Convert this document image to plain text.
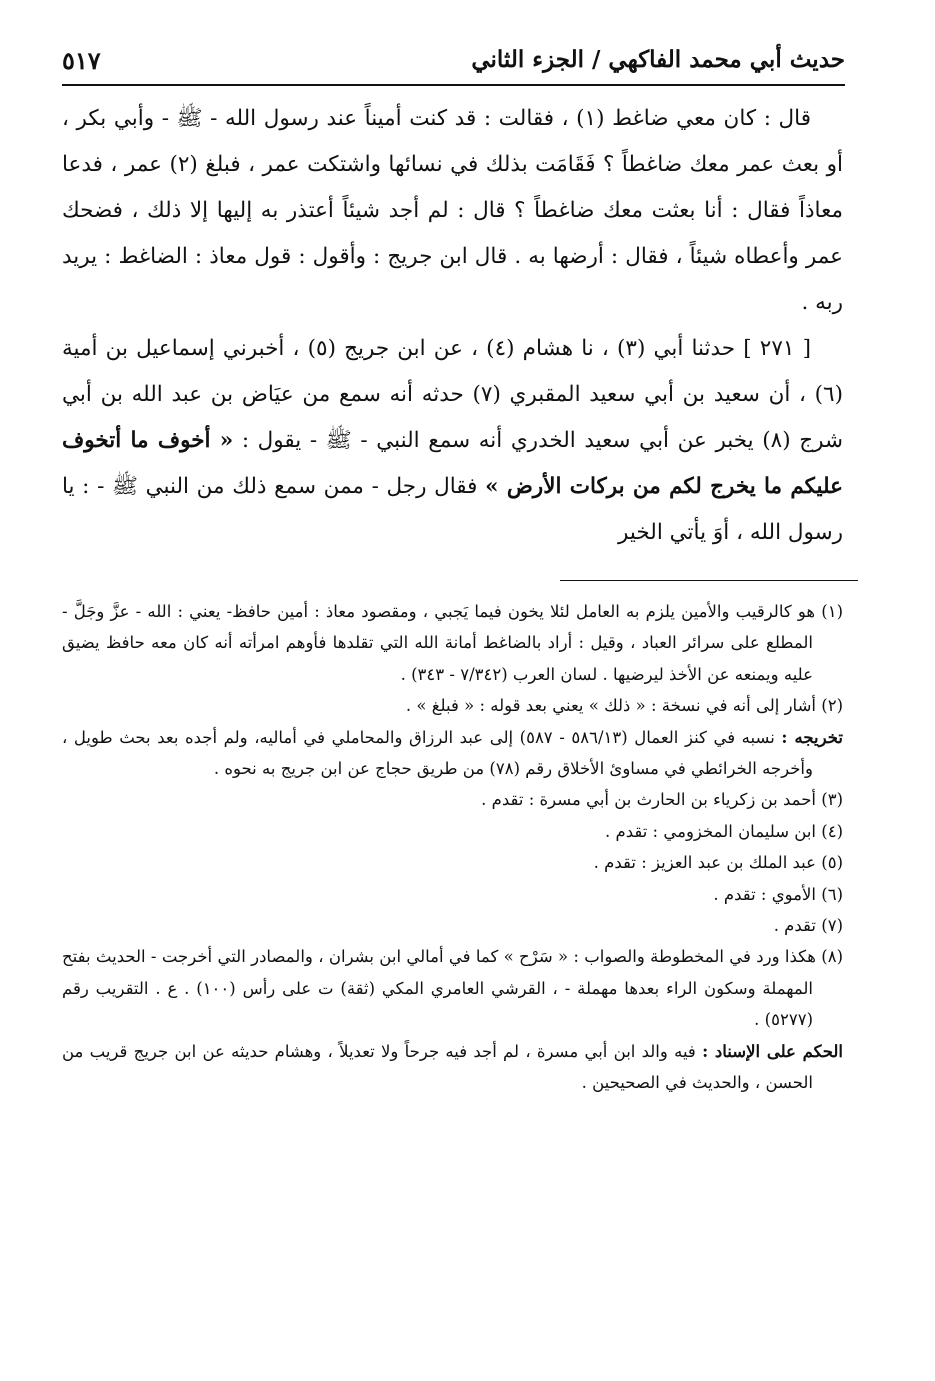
حديث أبي محمد الفاكهي / الجزء الثاني
٥١٧

قال : كان معي ضاغط (١) ، فقالت : قد كنت أميناً عند رسول الله - ﷺ - وأبي بكر ، أو بعث عمر معك ضاغطاً ؟ فَقَامَت بذلك في نسائها واشتكت عمر ، فبلغ (٢) عمر ، فدعا معاذاً فقال : أنا بعثت معك ضاغطاً ؟ قال : لم أجد شيئاً أعتذر به إليها إلا ذلك ، فضحك عمر وأعطاه شيئاً ، فقال : أرضها به . قال ابن جريج : وأقول : قول معاذ : الضاغط : يريد ربه .

[ ٢٧١ ] حدثنا أبي (٣) ، نا هشام (٤) ، عن ابن جريج (٥) ، أخبرني إسماعيل بن أمية (٦) ، أن سعيد بن أبي سعيد المقبري (٧) حدثه أنه سمع من عيَاض بن عبد الله بن أبي شرج (٨) يخبر عن أبي سعيد الخدري أنه سمع النبي - ﷺ - يقول : « أخوف ما أتخوف عليكم ما يخرج لكم من بركات الأرض » فقال رجل - ممن سمع ذلك من النبي ﷺ - : يا رسول الله ، أوَ يأتي الخير

(١) هو كالرقيب والأمين يلزم به العامل لئلا يخون فيما يَجبي ، ومقصود معاذ : أمين حافظ- يعني : الله - عزَّ وجَلَّ - المطلع على سرائر العباد ، وقيل : أراد بالضاغط أمانة الله التي تقلدها فأوهم امرأته أنه كان معه حافظ يضيق عليه ويمنعه عن الأخذ ليرضيها . لسان العرب (٧/٣٤٢ - ٣٤٣) .

(٢) أشار إلى أنه في نسخة : « ذلك » يعني بعد قوله : « فبلغ » .

تخريجه : نسبه في كنز العمال (٥٨٦/١٣ - ٥٨٧) إلى عبد الرزاق والمحاملي في أماليه، ولم أجده بعد بحث طويل ، وأخرجه الخرائطي في مساوئ الأخلاق رقم (٧٨) من طريق حجاج عن ابن جريج به نحوه .

(٣) أحمد بن زكرياء بن الحارث بن أبي مسرة : تقدم .

(٤) ابن سليمان المخزومي : تقدم .

(٥) عبد الملك بن عبد العزيز : تقدم .

(٦) الأموي : تقدم .

(٧) تقدم .

(٨) هكذا ورد في المخطوطة والصواب : « سَرْح » كما في أمالي ابن بشران ، والمصادر التي أخرجت - الحديث بفتح المهملة وسكون الراء بعدها مهملة - ، القرشي العامري المكي (ثقة) ت على رأس (١٠٠) . ع . التقريب رقم (٥٢٧٧) .

الحكم على الإسناد : فيه والد ابن أبي مسرة ، لم أجد فيه جرحاً ولا تعديلاً ، وهشام حديثه عن ابن جريج قريب من الحسن ، والحديث في الصحيحين .
